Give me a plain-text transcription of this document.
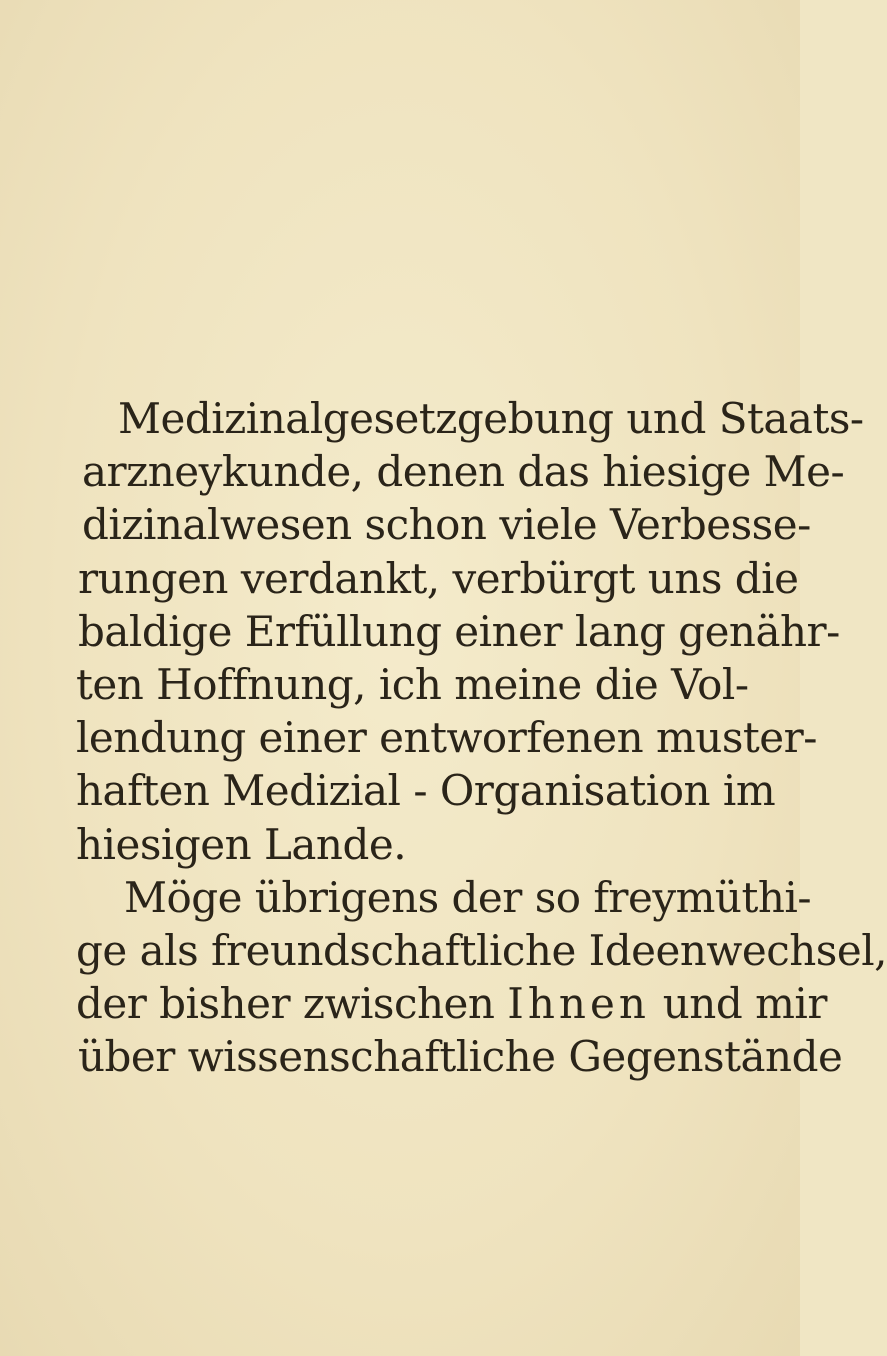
Medizinalgesetzgebung und Staats-
arzneykunde, denen das hiesige Me-
dizinalwesen schon viele Verbesse-
rungen verdankt, verbürgt uns die
baldige Erfüllung einer lang genähr-
ten Hoffnung, ich meine die Vol-
lendung einer entworfenen muster-
haften Medizial - Organisation im
hiesigen Lande.
Möge übrigens der so freymüthi-
ge als freundschaftliche Ideenwechsel,
der bisher zwischen Ihnen und mir
über wissenschaftliche Gegenstände
